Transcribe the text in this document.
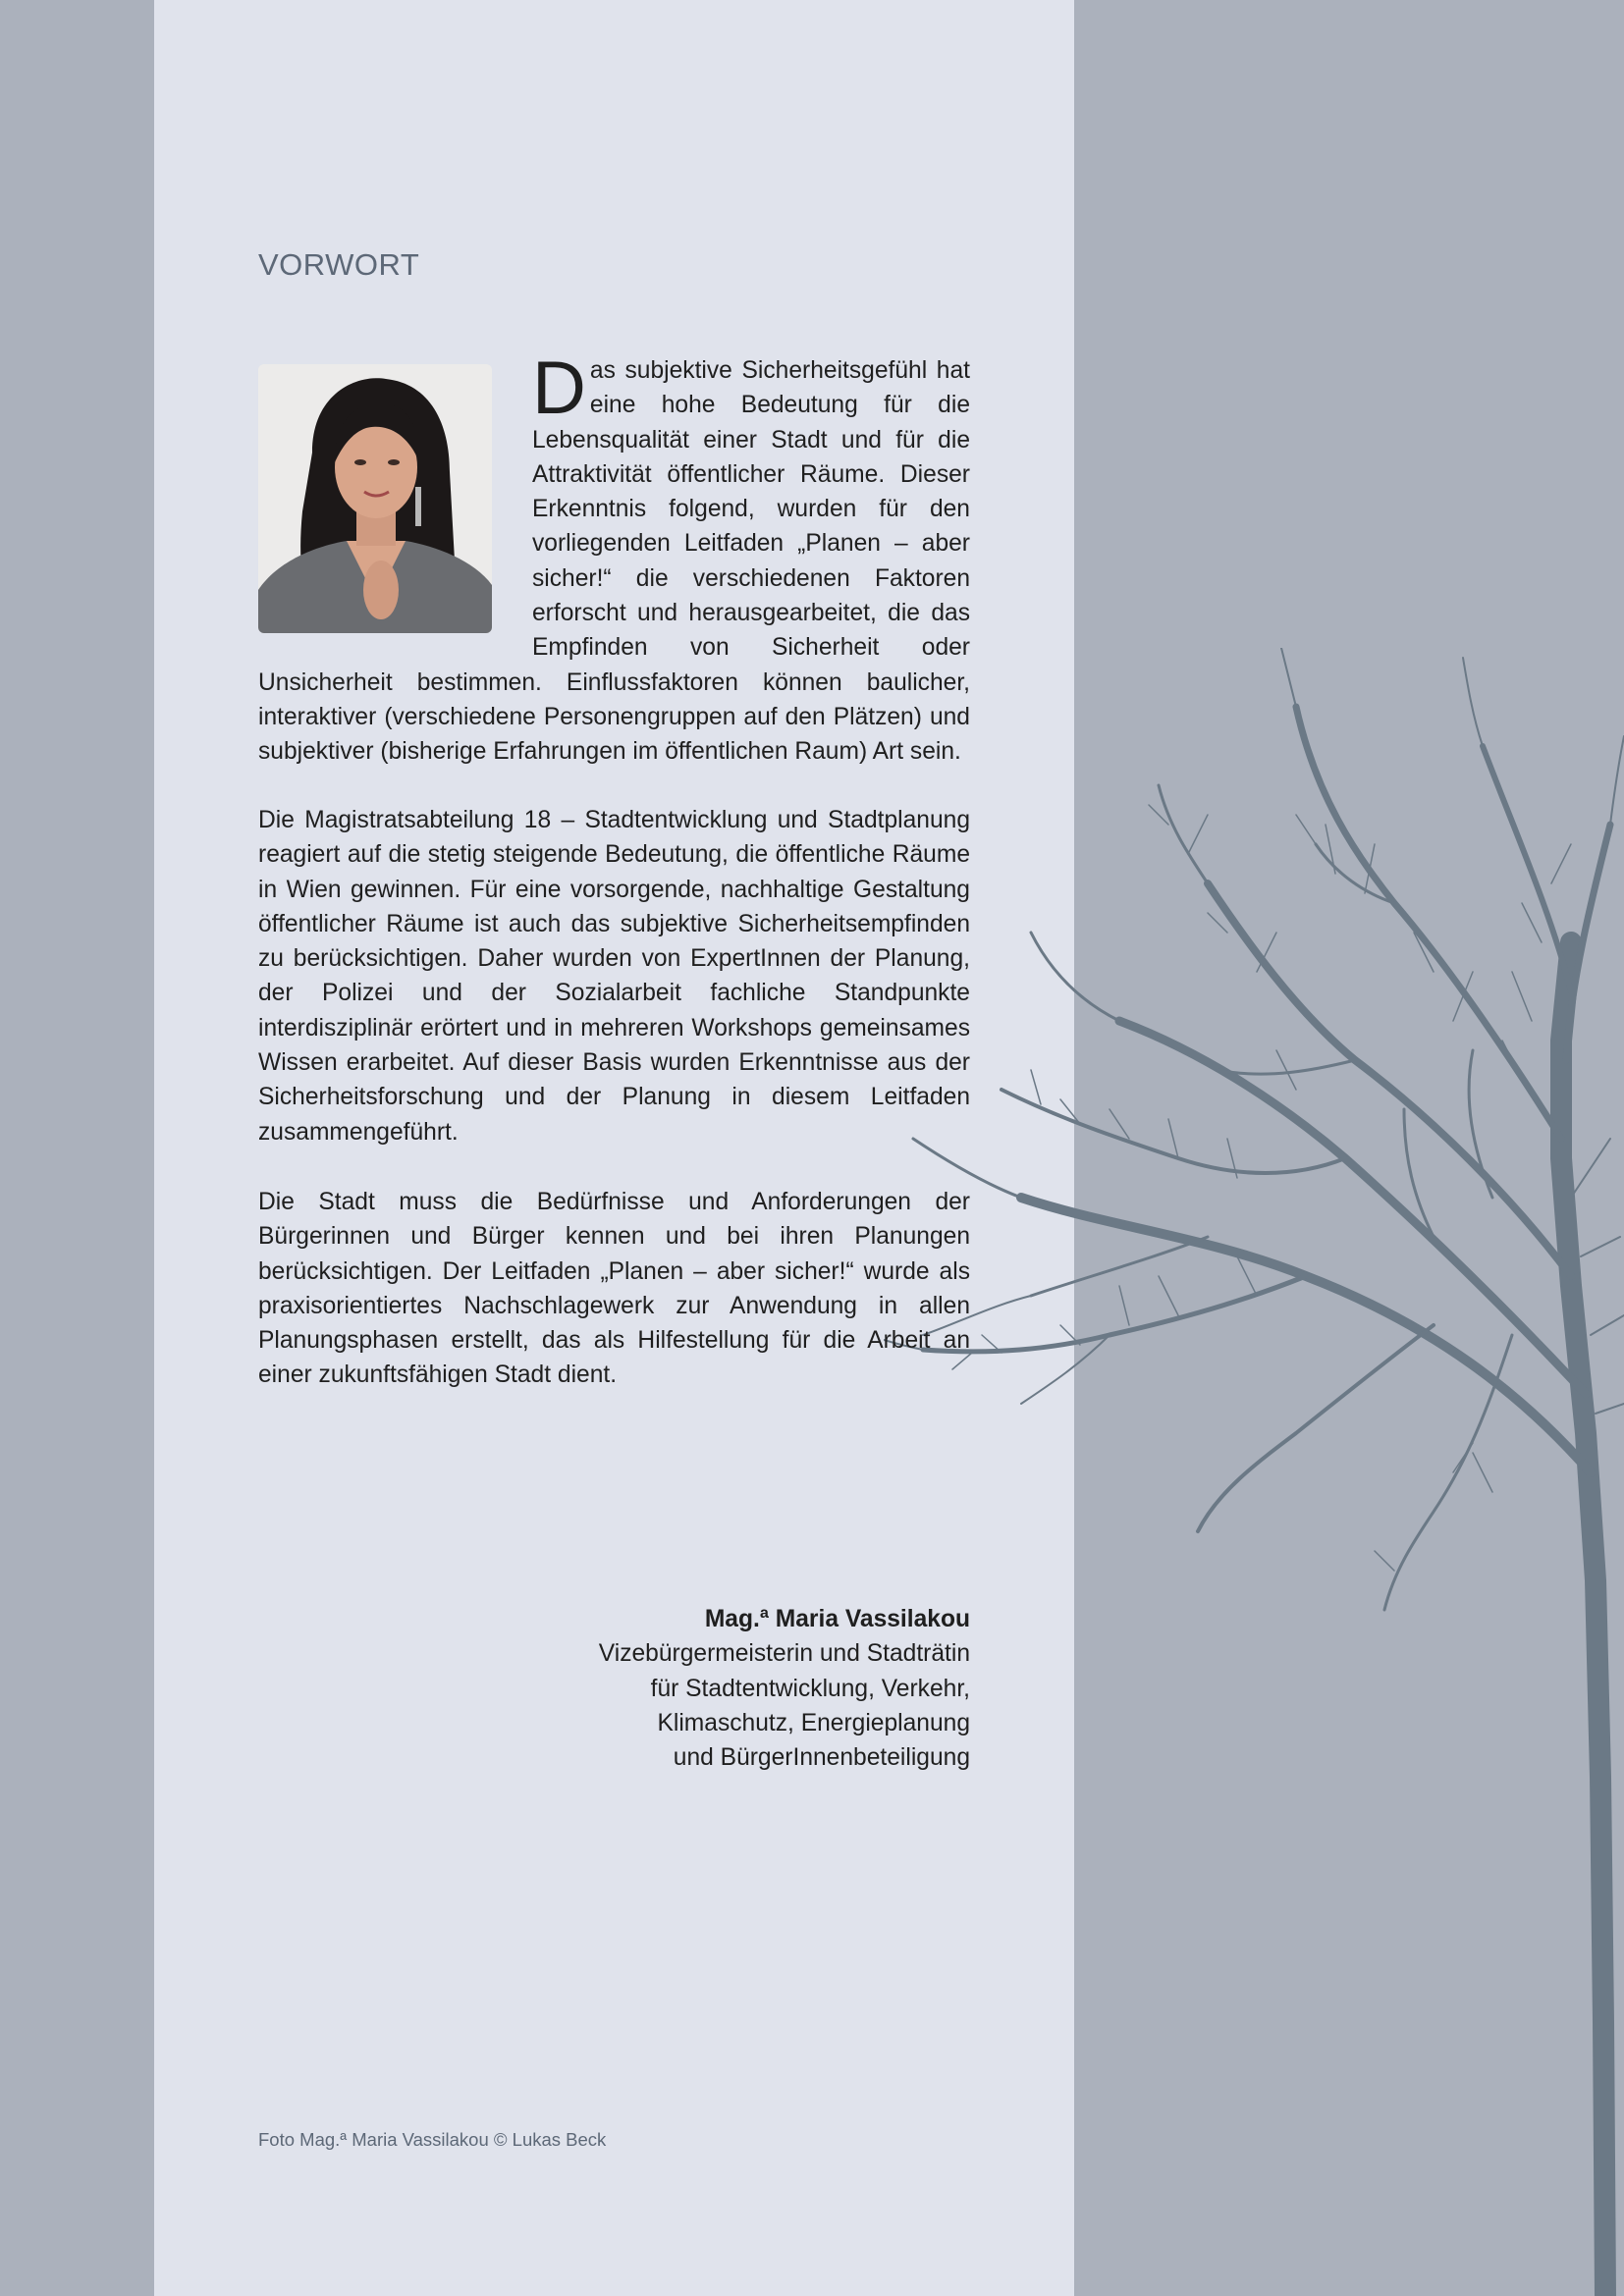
VORWORT
Das subjektive Sicherheitsgefühl hat eine hohe Bedeutung für die Lebensqualität einer Stadt und für die Attraktivität öffentlicher Räume. Dieser Erkenntnis folgend, wurden für den vorliegenden Leitfaden „Planen – aber sicher!“ die verschiedenen Faktoren erforscht und herausgearbeitet, die das Empfinden von Sicherheit oder Unsicherheit bestimmen. Einflussfaktoren können baulicher, interaktiver (verschiedene Personengruppen auf den Plätzen) und subjektiver (bisherige Erfahrungen im öffentlichen Raum) Art sein.

Die Magistratsabteilung 18 – Stadtentwicklung und Stadtplanung reagiert auf die stetig steigende Bedeutung, die öffentliche Räume in Wien gewinnen. Für eine vorsorgende, nachhaltige Gestaltung öffentlicher Räume ist auch das subjektive Sicherheitsempfinden zu berücksichtigen. Daher wurden von ExpertInnen der Planung, der Polizei und der Sozialarbeit fachliche Standpunkte interdisziplinär erörtert und in mehreren Workshops gemeinsames Wissen erarbeitet. Auf dieser Basis wurden Erkenntnisse aus der Sicherheitsforschung und der Planung in diesem Leitfaden zusammengeführt.

Die Stadt muss die Bedürfnisse und Anforderungen der Bürgerinnen und Bürger kennen und bei ihren Planungen berücksichtigen. Der Leitfaden „Planen – aber sicher!“ wurde als praxisorientiertes Nachschlagewerk zur Anwendung in allen Planungsphasen erstellt, das als Hilfestellung für die Arbeit an einer zukunftsfähigen Stadt dient.

Mag.ª Maria Vassilakou
Vizebürgermeisterin und Stadträtin
für Stadtentwicklung, Verkehr,
Klimaschutz, Energieplanung
und BürgerInnenbeteiligung
Foto Mag.ª Maria Vassilakou © Lukas Beck
